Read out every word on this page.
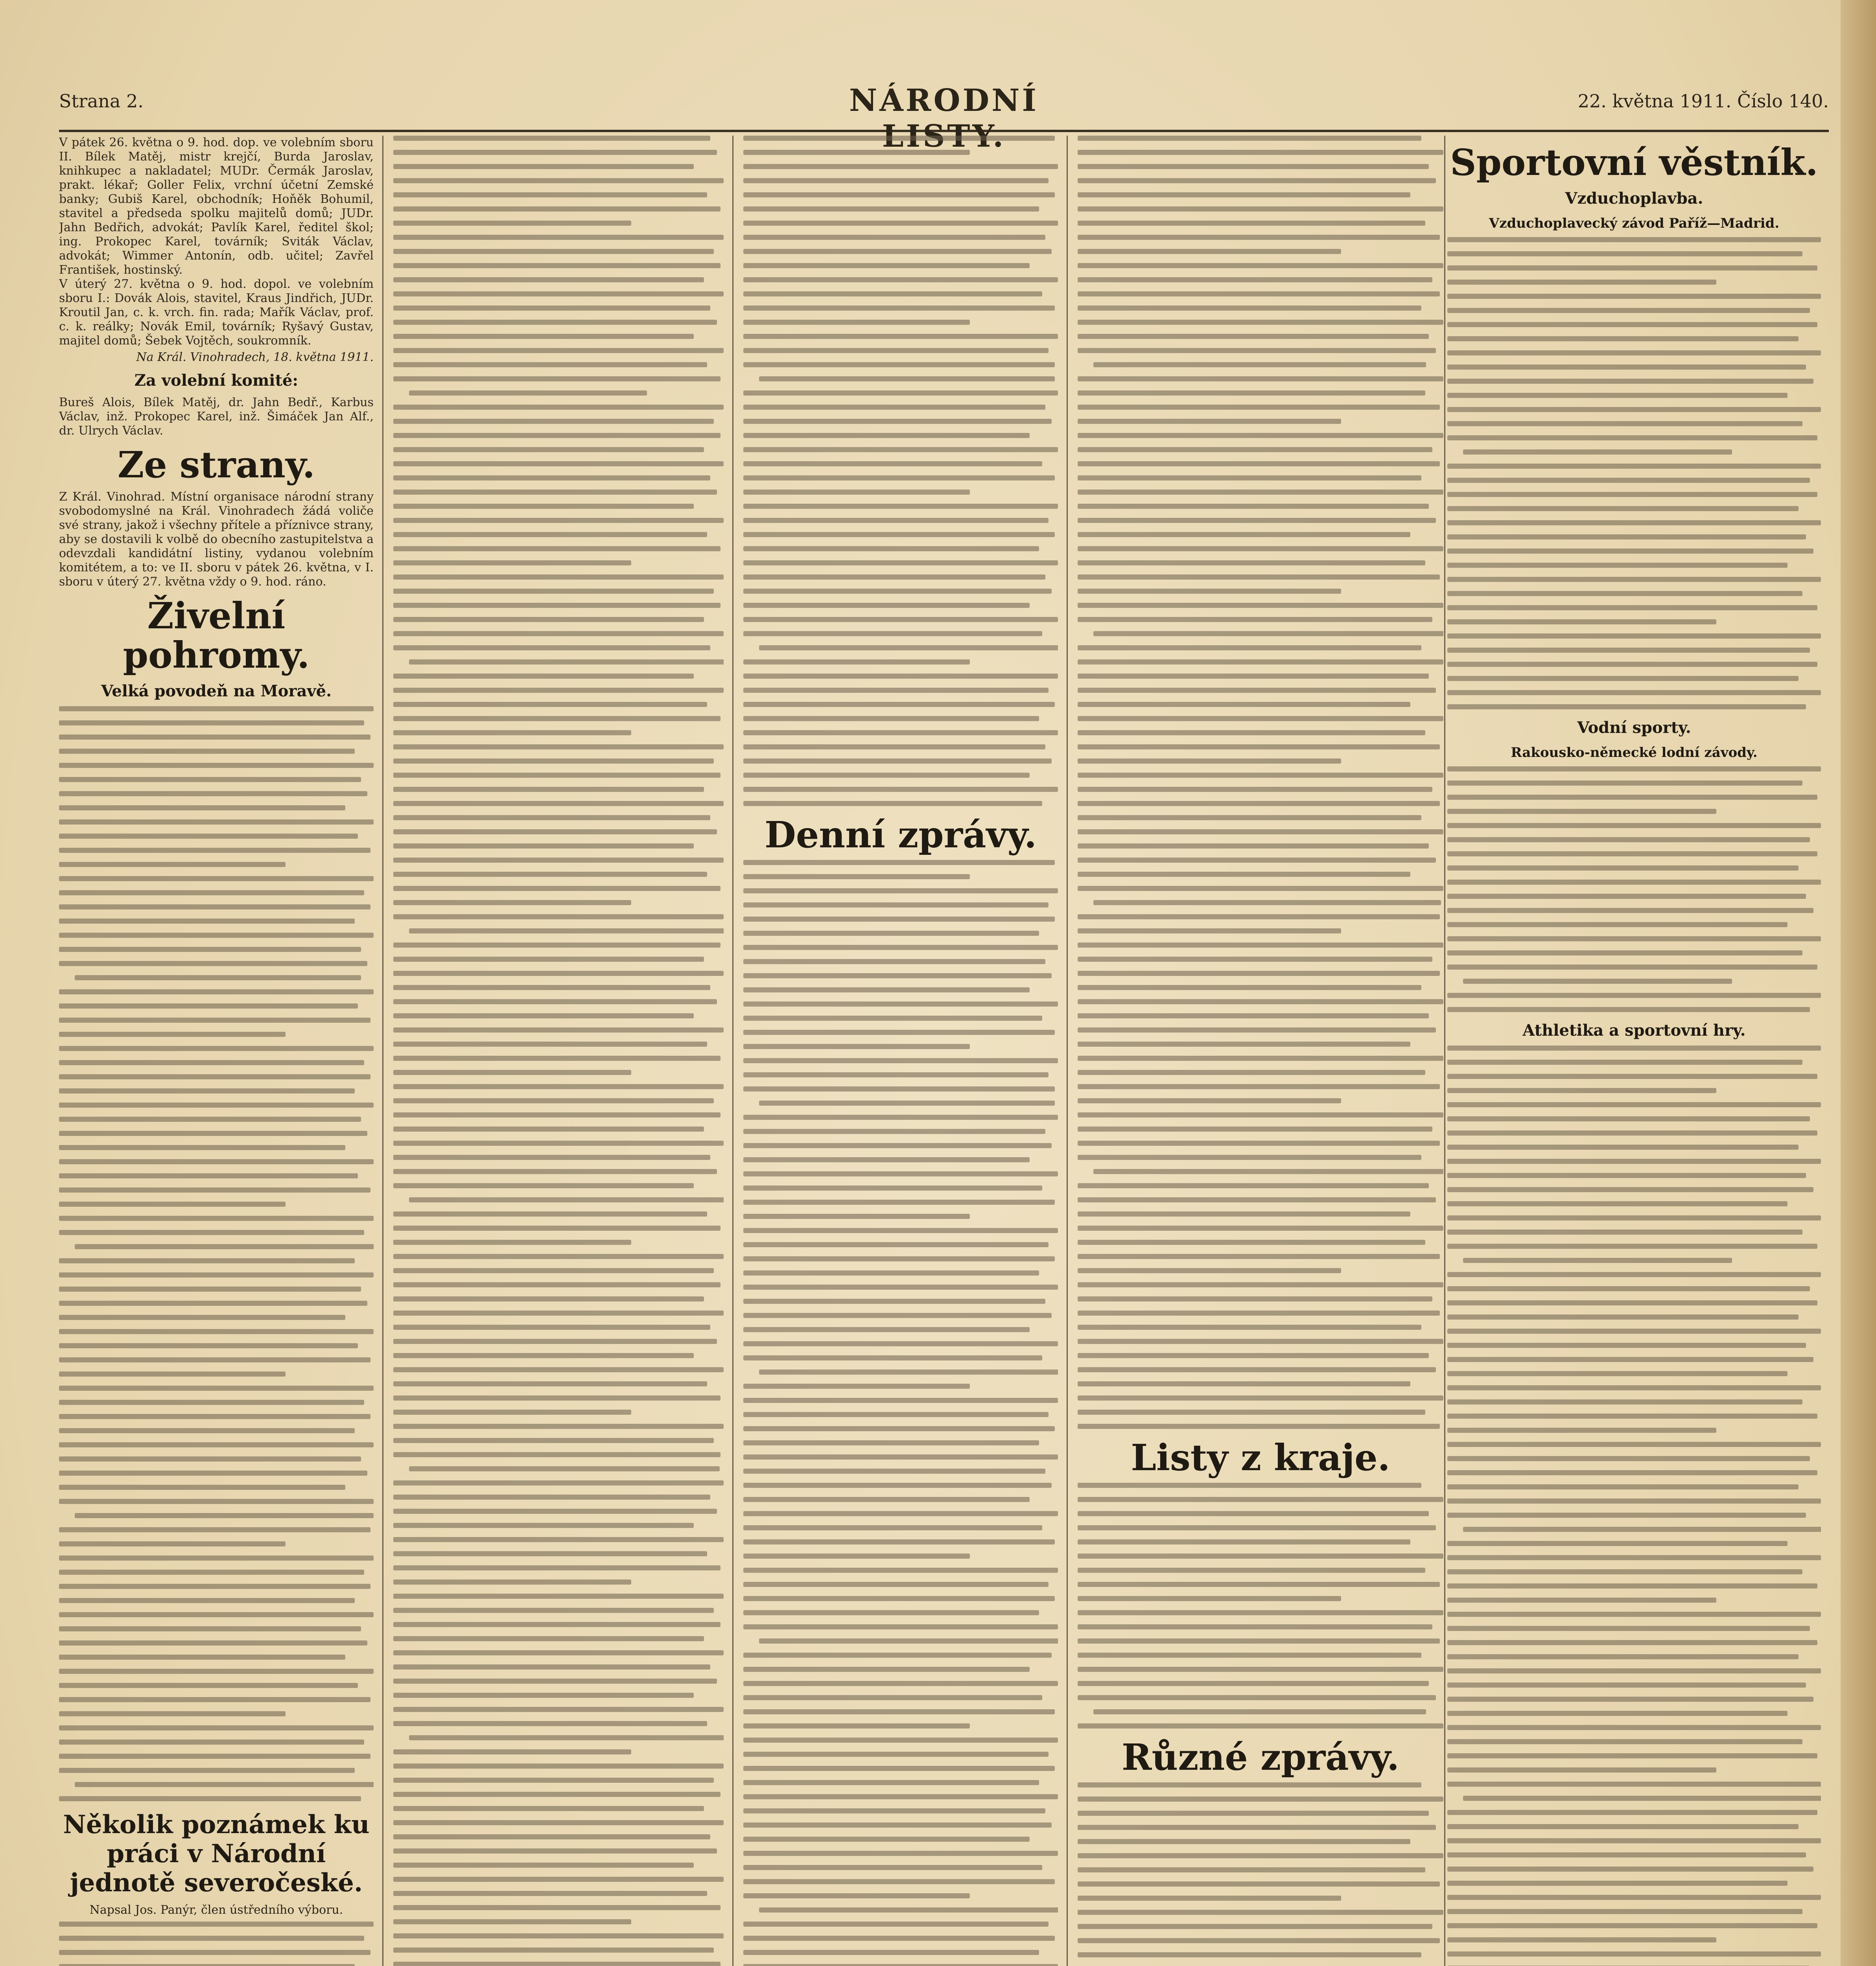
Strana 2.	NÁRODNÍ	22. května 1911. Číslo 140.

V pátek 26. května o 9. hod. dop. ve volebním sboru II. Bílek Matěj, mistr krejčí, Burda Jaroslav, knihkupec a nakladatel; MUDr. Čermák Jaroslav, prakt. lékař; Goller Felix, vrchní účetní Zemské banky; Gubiš Karel, obchodník; Hoňěk Bohumil, stavitel a předseda spolku majitelů domů; JUDr. Jahn Bedřich, advokát; Pavlík Karel, ředitel škol; ing. Prokopec Karel, továrník; Sviták Václav, advokát; Wimmer Antonín, odb. učitel; Zavřel František, hostinský.

V úterý 27. května o 9. hod. dopol. ve volebním sboru I.: Dovák Alois, stavitel, Kraus Jindřich, JUDr. Kroutil Jan, c. k. vrch. fin. rada; Mařík Václav, prof. c. k. reálky; Novák Emil, továrník; Ryšavý Gustav, majitel domů; Šebek Vojtěch, soukromník.

Na Král. Vinohradech, 18. května 1911.
Za volební komité:

Bureš Alois, Bílek Matěj, dr. Jahn Bedř., Karbus Václav, inž. Prokopec Karel, inž. Šimáček Jan Alf., dr. Ulrych Václav.

Ze strany.

Z Král. Vinohrad. Místní organisace národní strany svobodomyslné na Král. Vinohradech žádá voliče své strany, jakož i všechny přítele a příznivce strany, aby se dostavili k volbě do obecního zastupitelstva a odevzdali kandidátní listiny, vydanou volebním komitétem, a to: ve II. sboru v pátek 26. května, v I. sboru v úterý 27. května vždy o 9. hod. ráno.

Živelní pohromy.
Velká povodeň na Moravě.
Několik poznámek ku práci v Národní jednotě severočeské.
Napsal Jos. Panýr, člen ústředního výboru.
Denní zprávy.
Listy z kraje.
Různé zprávy.
Sportovní věstník.
Vzduchoplavba.
Vzduchoplavecký závod Paříž—Madrid.
Vodní sporty.
Rakousko-německé lodní závody.
Athletika a sportovní hry.
